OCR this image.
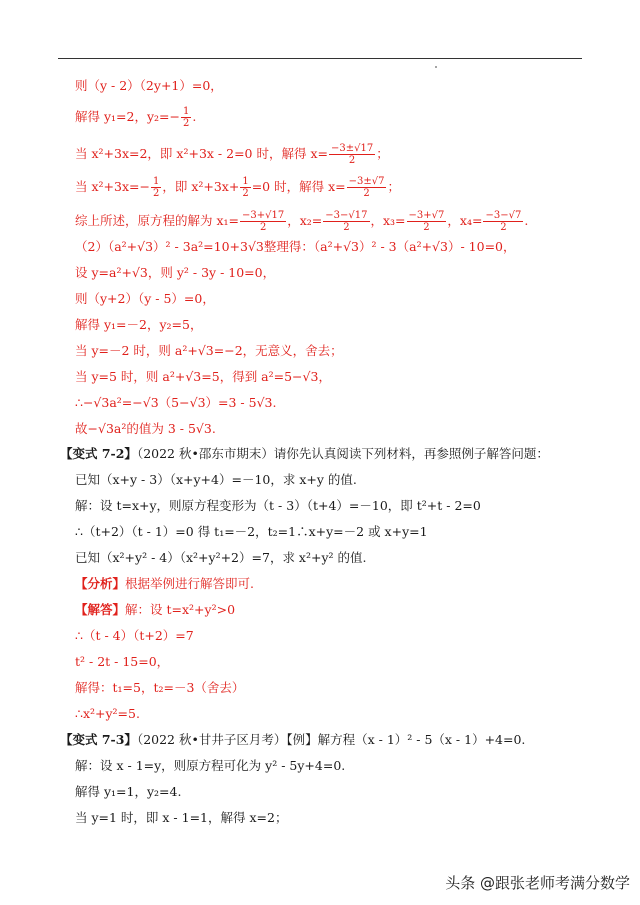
则（y - 2）（2y+1）=0，
解得 y₁=2，$y_2=- \frac{1}{2}$ .
当 x²+3x=2，即 x²+3x - 2=0 时，解得 $x= \frac{-3\pm√17}{2}$ ；
当 $x^2+3x=- \frac{1}{2}$ ，即 $x^2+3x+ \frac{1}{2} =0$ 时，解得 $x= \frac{-3\pm√7}{2}$ ；
综上所述，原方程的解为 $x_1= \frac{-3+√17}{2}$ ，$x_2= \frac{-3-√17}{2}$ ，$x_3= \frac{-3+√7}{2}$ ，$x_4= \frac{-3-√7}{2}$ .
（2）（a²+√3）² - 3a²=10+3√3整理得：（a²+√3）² - 3（a²+√3）- 10=0，
设 y=a²+√3，则 y² - 3y - 10=0，
则（y+2）（y - 5）=0，
解得 y₁=－2，y₂=5，
当 y=－2 时，则 a²+√3=−2，无意义，舍去；
当 y=5 时，则 a²+√3=5，得到 a²=5−√3，
∴−√3a²=−√3（5−√3）=3 - 5√3.
故−√3a²的值为 3 - 5√3.
【变式 7-2】（2022 秋•邵东市期末）请你先认真阅读下列材料，再参照例子解答问题：
已知（x+y - 3）（x+y+4）=－10，求 x+y 的值.
解：设 t=x+y，则原方程变形为（t - 3）（t+4）=－10，即 t²+t - 2=0
∴（t+2）（t - 1）=0 得 t₁=－2，t₂=1∴x+y=－2 或 x+y=1
已知（x²+y² - 4）（x²+y²+2）=7，求 x²+y² 的值.
【分析】根据举例进行解答即可.
【解答】解：设 t=x²+y²>0
∴（t - 4）（t+2）=7
t² - 2t - 15=0，
解得：t₁=5，t₂=－3（舍去）
∴x²+y²=5.
【变式 7-3】（2022 秋•甘井子区月考）【例】解方程（x - 1）² - 5（x - 1）+4=0.
解：设 x - 1=y，则原方程可化为 y² - 5y+4=0.
解得 y₁=1，y₂=4.
当 y=1 时，即 x - 1=1，解得 x=2；
头条 @跟张老师考满分数学
